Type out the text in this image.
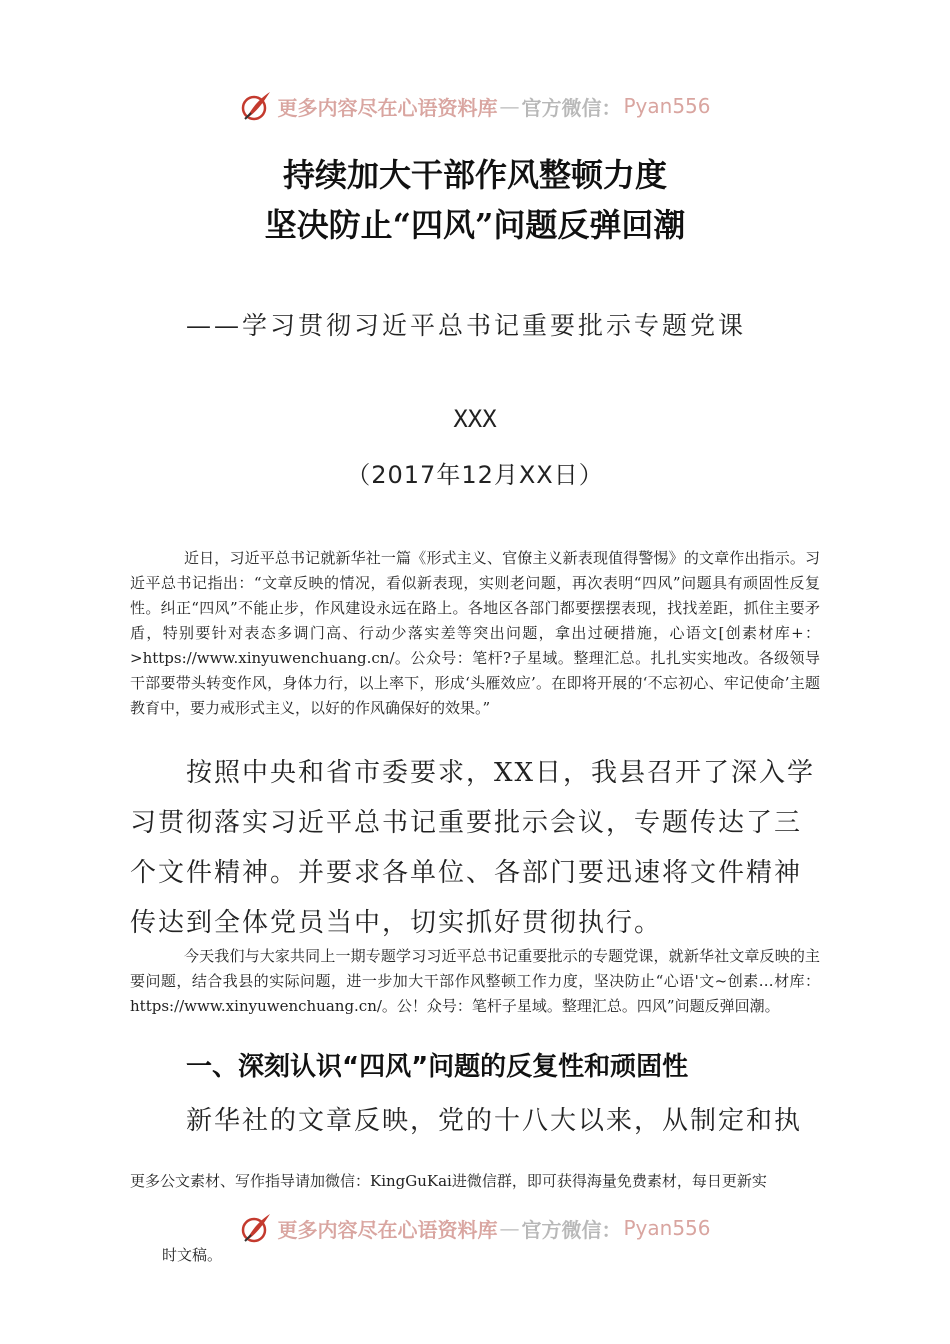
更多内容尽在心语资料库 — 官方微信： Pyan556
持续加大干部作风整顿力度
坚决防止“四风”问题反弹回潮
——学习贯彻习近平总书记重要批示专题党课
XXX
（2017年12月XX日）

近日，习近平总书记就新华社一篇《形式主义、官僚主义新表现值得警惕》的文章作出指示。习近平总书记指出：“文章反映的情况，看似新表现，实则老问题，再次表明“四风”问题具有顽固性反复性。纠正“四风”不能止步，作风建设永远在路上。各地区各部门都要摆摆表现，找找差距，抓住主要矛盾，特别要针对表态多调门高、行动少落实差等突出问题，拿出过硬措施，心语文[创素材库+：>https://www.xinyuwenchuang.cn/。公众号：笔杆?子星域。整理汇总。扎扎实实地改。各级领导干部要带头转变作风，身体力行，以上率下，形成‘头雁效应’。在即将开展的‘不忘初心、牢记使命’主题教育中，要力戒形式主义，以好的作风确保好的效果。”

按照中央和省市委要求，XX日，我县召开了深入学习贯彻落实习近平总书记重要批示会议，专题传达了三个文件精神。并要求各单位、各部门要迅速将文件精神传达到全体党员当中，切实抓好贯彻执行。

今天我们与大家共同上一期专题学习习近平总书记重要批示的专题党课，就新华社文章反映的主要问题，结合我县的实际问题，进一步加大干部作风整顿工作力度，坚决防止“心语'文~创素…材库：https://www.xinyuwenchuang.cn/。公！众号：笔杆子星域。整理汇总。四风”问题反弹回潮。

一、深刻认识“四风”问题的反复性和顽固性

新华社的文章反映，党的十八大以来，从制定和执

更多公文素材、写作指导请加微信：KingGuKai进微信群，即可获得海量免费素材，每日更新实
更多内容尽在心语资料库 — 官方微信： Pyan556
时文稿。
